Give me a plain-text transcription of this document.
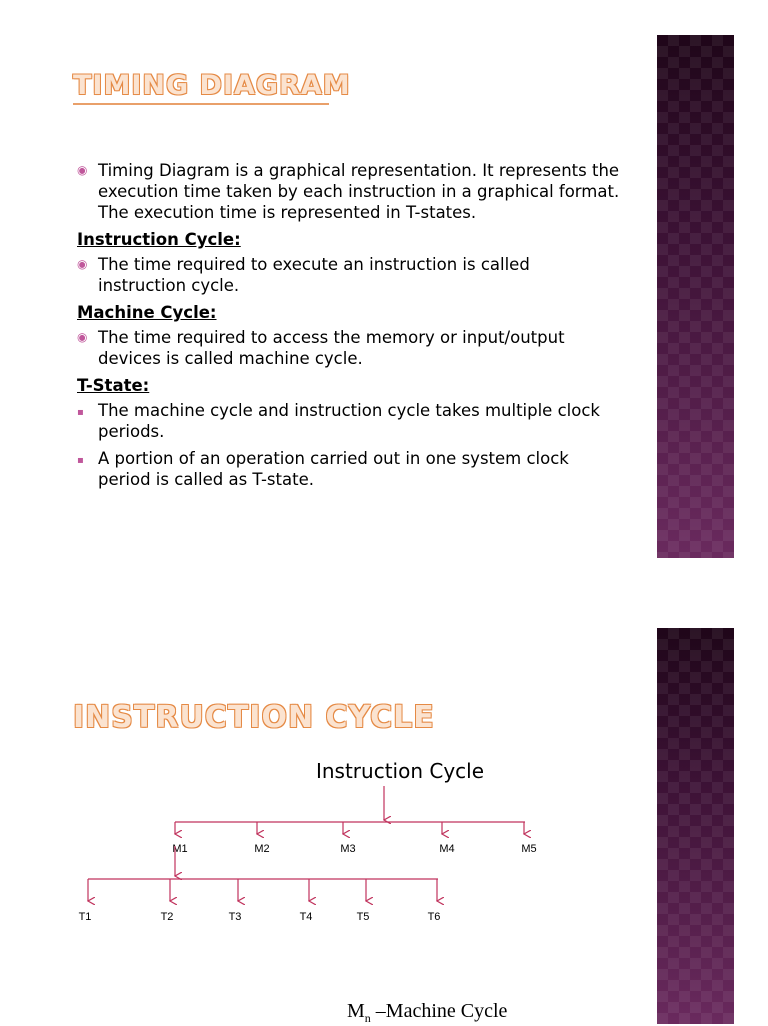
TIMING DIAGRAM
◉ Timing Diagram is a graphical representation. It represents the execution time taken by each instruction in a graphical format. The execution time is represented in T-states.
Instruction Cycle:
◉ The time required to execute an instruction is called instruction cycle.
Machine Cycle:
◉ The time required to access the memory or input/output devices is called machine cycle.
T-State:
▪ The machine cycle and instruction cycle takes multiple clock periods.
▪ A portion of an operation carried out in one system clock period is called as T-state.
INSTRUCTION CYCLE
Instruction Cycle
M1	M2	M3	M4	M5
T1	T2	T3	T4	T5	T6
$M_n$ –Machine Cycle
